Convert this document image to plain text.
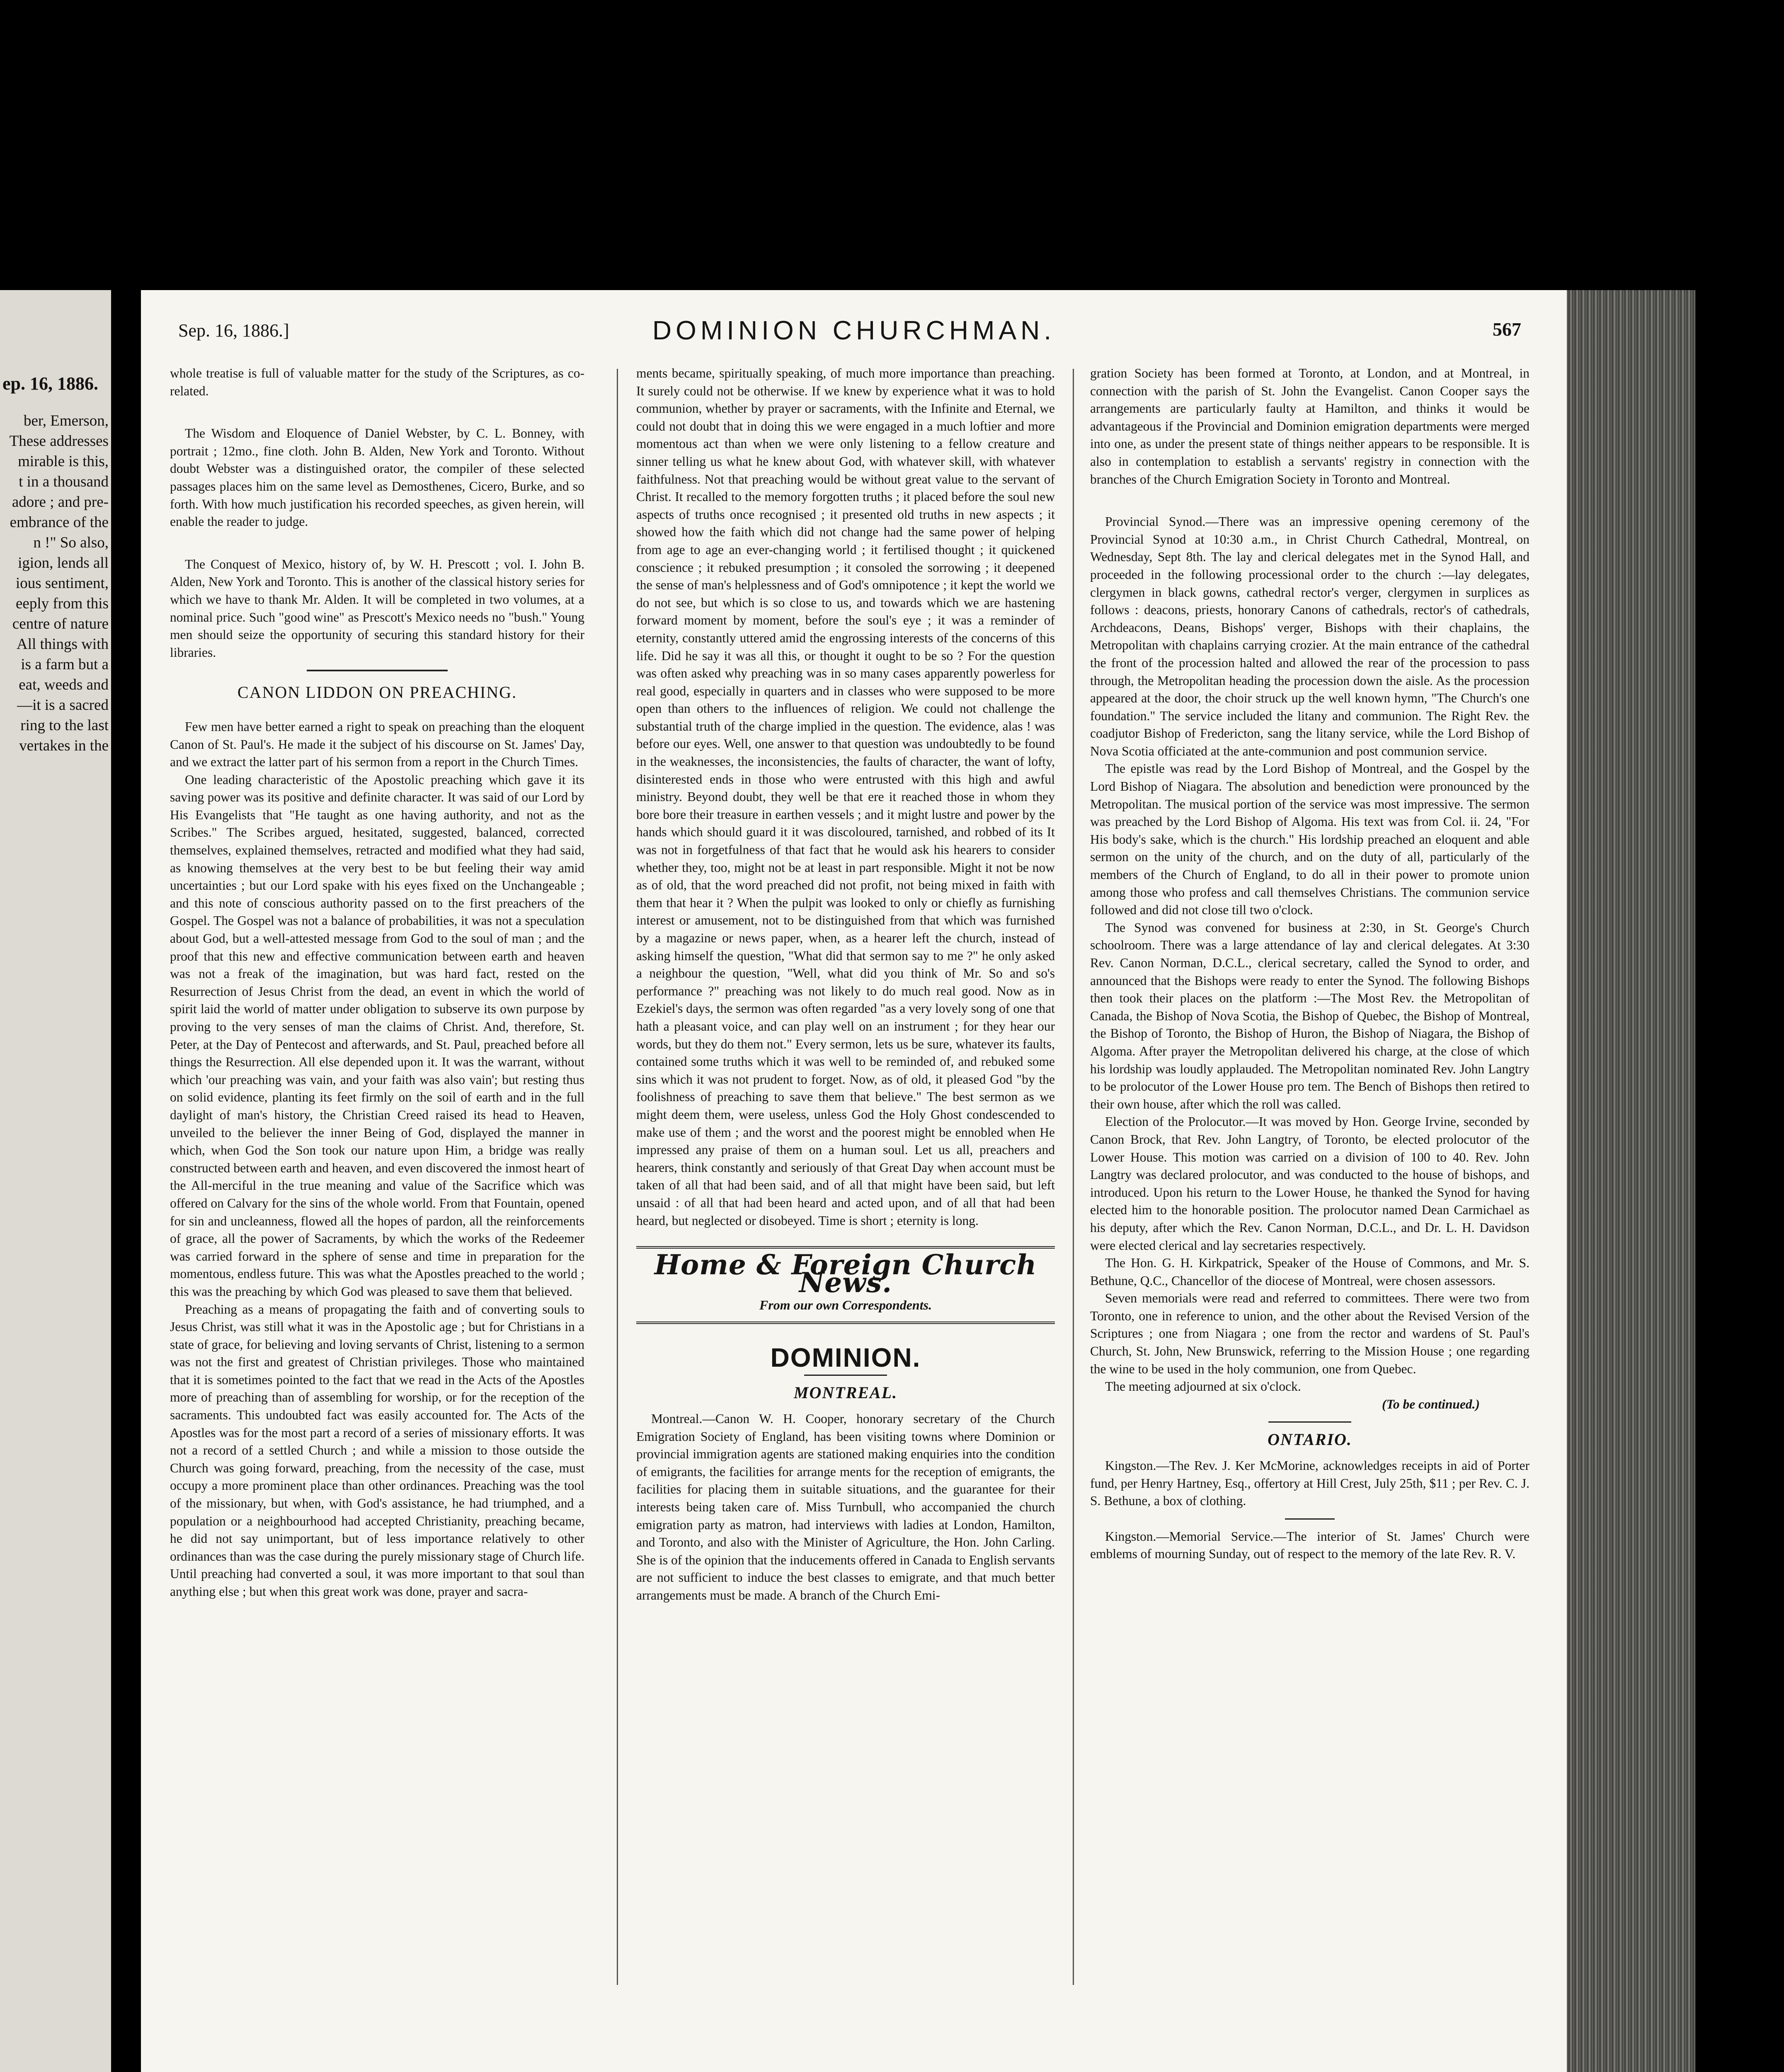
ep. 16, 1886.
ber, Emerson,
These addresses
mirable is this,
t in a thousand
adore ; and pre-
embrance of the
n !" So also,
igion, lends all
ious sentiment,
eeply from this
centre of nature
All things with
is a farm but a
eat, weeds and
—it is a sacred
ring to the last
vertakes in the
Sep. 16, 1886.]	DOMINION CHURCHMAN.	567

whole treatise is full of valuable matter for the study of the Scriptures, as co-related.

The Wisdom and Eloquence of Daniel Webster, by C. L. Bonney, with portrait ; 12mo., fine cloth. John B. Alden, New York and Toronto. Without doubt Webster was a distinguished orator, the compiler of these selected passages places him on the same level as Demosthenes, Cicero, Burke, and so forth. With how much justification his recorded speeches, as given herein, will enable the reader to judge.

The Conquest of Mexico, history of, by W. H. Prescott ; vol. I. John B. Alden, New York and Toronto. This is another of the classical history series for which we have to thank Mr. Alden. It will be completed in two volumes, at a nominal price. Such "good wine" as Prescott's Mexico needs no "bush." Young men should seize the opportunity of securing this standard history for their libraries.

CANON LIDDON ON PREACHING.

Few men have better earned a right to speak on preaching than the eloquent Canon of St. Paul's. He made it the subject of his discourse on St. James' Day, and we extract the latter part of his sermon from a report in the Church Times.

One leading characteristic of the Apostolic preaching which gave it its saving power was its positive and definite character. It was said of our Lord by His Evangelists that "He taught as one having authority, and not as the Scribes." The Scribes argued, hesitated, suggested, balanced, corrected themselves, explained themselves, retracted and modified what they had said, as knowing themselves at the very best to be but feeling their way amid uncertainties ; but our Lord spake with his eyes fixed on the Unchangeable ; and this note of conscious authority passed on to the first preachers of the Gospel. The Gospel was not a balance of probabilities, it was not a speculation about God, but a well-attested message from God to the soul of man ; and the proof that this new and effective communication between earth and heaven was not a freak of the imagination, but was hard fact, rested on the Resurrection of Jesus Christ from the dead, an event in which the world of spirit laid the world of matter under obligation to subserve its own purpose by proving to the very senses of man the claims of Christ. And, therefore, St. Peter, at the Day of Pentecost and afterwards, and St. Paul, preached before all things the Resurrection. All else depended upon it. It was the warrant, without which 'our preaching was vain, and your faith was also vain'; but resting thus on solid evidence, planting its feet firmly on the soil of earth and in the full daylight of man's history, the Christian Creed raised its head to Heaven, unveiled to the believer the inner Being of God, displayed the manner in which, when God the Son took our nature upon Him, a bridge was really constructed between earth and heaven, and even discovered the inmost heart of the All-merciful in the true meaning and value of the Sacrifice which was offered on Calvary for the sins of the whole world. From that Fountain, opened for sin and uncleanness, flowed all the hopes of pardon, all the reinforcements of grace, all the power of Sacraments, by which the works of the Redeemer was carried forward in the sphere of sense and time in preparation for the momentous, endless future. This was what the Apostles preached to the world ; this was the preaching by which God was pleased to save them that believed.

Preaching as a means of propagating the faith and of converting souls to Jesus Christ, was still what it was in the Apostolic age ; but for Christians in a state of grace, for believing and loving servants of Christ, listening to a sermon was not the first and greatest of Christian privileges. Those who maintained that it is sometimes pointed to the fact that we read in the Acts of the Apostles more of preaching than of assembling for worship, or for the reception of the sacraments. This undoubted fact was easily accounted for. The Acts of the Apostles was for the most part a record of a series of missionary efforts. It was not a record of a settled Church ; and while a mission to those outside the Church was going forward, preaching, from the necessity of the case, must occupy a more prominent place than other ordinances. Preaching was the tool of the missionary, but when, with God's assistance, he had triumphed, and a population or a neighbourhood had accepted Christianity, preaching became, he did not say unimportant, but of less importance relatively to other ordinances than was the case during the purely missionary stage of Church life. Until preaching had converted a soul, it was more important to that soul than anything else ; but when this great work was done, prayer and sacra-

ments became, spiritually speaking, of much more importance than preaching. It surely could not be otherwise. If we knew by experience what it was to hold communion, whether by prayer or sacraments, with the Infinite and Eternal, we could not doubt that in doing this we were engaged in a much loftier and more momentous act than when we were only listening to a fellow creature and sinner telling us what he knew about God, with whatever skill, with whatever faithfulness. Not that preaching would be without great value to the servant of Christ. It recalled to the memory forgotten truths ; it placed before the soul new aspects of truths once recognised ; it presented old truths in new aspects ; it showed how the faith which did not change had the same power of helping from age to age an ever-changing world ; it fertilised thought ; it quickened conscience ; it rebuked presumption ; it consoled the sorrowing ; it deepened the sense of man's helplessness and of God's omnipotence ; it kept the world we do not see, but which is so close to us, and towards which we are hastening forward moment by moment, before the soul's eye ; it was a reminder of eternity, constantly uttered amid the engrossing interests of the concerns of this life. Did he say it was all this, or thought it ought to be so ? For the question was often asked why preaching was in so many cases apparently powerless for real good, especially in quarters and in classes who were supposed to be more open than others to the influences of religion. We could not challenge the substantial truth of the charge implied in the question. The evidence, alas ! was before our eyes. Well, one answer to that question was undoubtedly to be found in the weaknesses, the inconsistencies, the faults of character, the want of lofty, disinterested ends in those who were entrusted with this high and awful ministry. Beyond doubt, they well be that ere it reached those in whom they bore bore their treasure in earthen vessels ; and it might lustre and power by the hands which should guard it it was discoloured, tarnished, and robbed of its It was not in forgetfulness of that fact that he would ask his hearers to consider whether they, too, might not be at least in part responsible. Might it not be now as of old, that the word preached did not profit, not being mixed in faith with them that hear it ? When the pulpit was looked to only or chiefly as furnishing interest or amusement, not to be distinguished from that which was furnished by a magazine or news paper, when, as a hearer left the church, instead of asking himself the question, "What did that sermon say to me ?" he only asked a neighbour the question, "Well, what did you think of Mr. So and so's performance ?" preaching was not likely to do much real good. Now as in Ezekiel's days, the sermon was often regarded "as a very lovely song of one that hath a pleasant voice, and can play well on an instrument ; for they hear our words, but they do them not." Every sermon, lets us be sure, whatever its faults, contained some truths which it was well to be reminded of, and rebuked some sins which it was not prudent to forget. Now, as of old, it pleased God "by the foolishness of preaching to save them that believe." The best sermon as we might deem them, were useless, unless God the Holy Ghost condescended to make use of them ; and the worst and the poorest might be ennobled when He impressed any praise of them on a human soul. Let us all, preachers and hearers, think constantly and seriously of that Great Day when account must be taken of all that had been said, and of all that might have been said, but left unsaid : of all that had been heard and acted upon, and of all that had been heard, but neglected or disobeyed. Time is short ; eternity is long.

Home & Foreign Church News.
From our own Correspondents.
DOMINION.
MONTREAL.

Montreal.—Canon W. H. Cooper, honorary secretary of the Church Emigration Society of England, has been visiting towns where Dominion or provincial immigration agents are stationed making enquiries into the condition of emigrants, the facilities for arrange ments for the reception of emigrants, the facilities for placing them in suitable situations, and the guarantee for their interests being taken care of. Miss Turnbull, who accompanied the church emigration party as matron, had interviews with ladies at London, Hamilton, and Toronto, and also with the Minister of Agriculture, the Hon. John Carling. She is of the opinion that the inducements offered in Canada to English servants are not sufficient to induce the best classes to emigrate, and that much better arrangements must be made. A branch of the Church Emi-

gration Society has been formed at Toronto, at London, and at Montreal, in connection with the parish of St. John the Evangelist. Canon Cooper says the arrangements are particularly faulty at Hamilton, and thinks it would be advantageous if the Provincial and Dominion emigration departments were merged into one, as under the present state of things neither appears to be responsible. It is also in contemplation to establish a servants' registry in connection with the branches of the Church Emigration Society in Toronto and Montreal.

Provincial Synod.—There was an impressive opening ceremony of the Provincial Synod at 10:30 a.m., in Christ Church Cathedral, Montreal, on Wednesday, Sept 8th. The lay and clerical delegates met in the Synod Hall, and proceeded in the following processional order to the church :—lay delegates, clergymen in black gowns, cathedral rector's verger, clergymen in surplices as follows : deacons, priests, honorary Canons of cathedrals, rector's of cathedrals, Archdeacons, Deans, Bishops' verger, Bishops with their chaplains, the Metropolitan with chaplains carrying crozier. At the main entrance of the cathedral the front of the procession halted and allowed the rear of the procession to pass through, the Metropolitan heading the procession down the aisle. As the procession appeared at the door, the choir struck up the well known hymn, "The Church's one foundation." The service included the litany and communion. The Right Rev. the coadjutor Bishop of Fredericton, sang the litany service, while the Lord Bishop of Nova Scotia officiated at the ante-communion and post communion service.

The epistle was read by the Lord Bishop of Montreal, and the Gospel by the Lord Bishop of Niagara. The absolution and benediction were pronounced by the Metropolitan. The musical portion of the service was most impressive. The sermon was preached by the Lord Bishop of Algoma. His text was from Col. ii. 24, "For His body's sake, which is the church." His lordship preached an eloquent and able sermon on the unity of the church, and on the duty of all, particularly of the members of the Church of England, to do all in their power to promote union among those who profess and call themselves Christians. The communion service followed and did not close till two o'clock.

The Synod was convened for business at 2:30, in St. George's Church schoolroom. There was a large attendance of lay and clerical delegates. At 3:30 Rev. Canon Norman, D.C.L., clerical secretary, called the Synod to order, and announced that the Bishops were ready to enter the Synod. The following Bishops then took their places on the platform :—The Most Rev. the Metropolitan of Canada, the Bishop of Nova Scotia, the Bishop of Quebec, the Bishop of Montreal, the Bishop of Toronto, the Bishop of Huron, the Bishop of Niagara, the Bishop of Algoma. After prayer the Metropolitan delivered his charge, at the close of which his lordship was loudly applauded. The Metropolitan nominated Rev. John Langtry to be prolocutor of the Lower House pro tem. The Bench of Bishops then retired to their own house, after which the roll was called.

Election of the Prolocutor.—It was moved by Hon. George Irvine, seconded by Canon Brock, that Rev. John Langtry, of Toronto, be elected prolocutor of the Lower House. This motion was carried on a division of 100 to 40. Rev. John Langtry was declared prolocutor, and was conducted to the house of bishops, and introduced. Upon his return to the Lower House, he thanked the Synod for having elected him to the honorable position. The prolocutor named Dean Carmichael as his deputy, after which the Rev. Canon Norman, D.C.L., and Dr. L. H. Davidson were elected clerical and lay secretaries respectively.

The Hon. G. H. Kirkpatrick, Speaker of the House of Commons, and Mr. S. Bethune, Q.C., Chancellor of the diocese of Montreal, were chosen assessors.

Seven memorials were read and referred to committees. There were two from Toronto, one in reference to union, and the other about the Revised Version of the Scriptures ; one from Niagara ; one from the rector and wardens of St. Paul's Church, St. John, New Brunswick, referring to the Mission House ; one regarding the wine to be used in the holy communion, one from Quebec.

The meeting adjourned at six o'clock.

(To be continued.)
ONTARIO.

Kingston.—The Rev. J. Ker McMorine, acknowledges receipts in aid of Porter fund, per Henry Hartney, Esq., offertory at Hill Crest, July 25th, $11 ; per Rev. C. J. S. Bethune, a box of clothing.

Kingston.—Memorial Service.—The interior of St. James' Church were emblems of mourning Sunday, out of respect to the memory of the late Rev. R. V.
